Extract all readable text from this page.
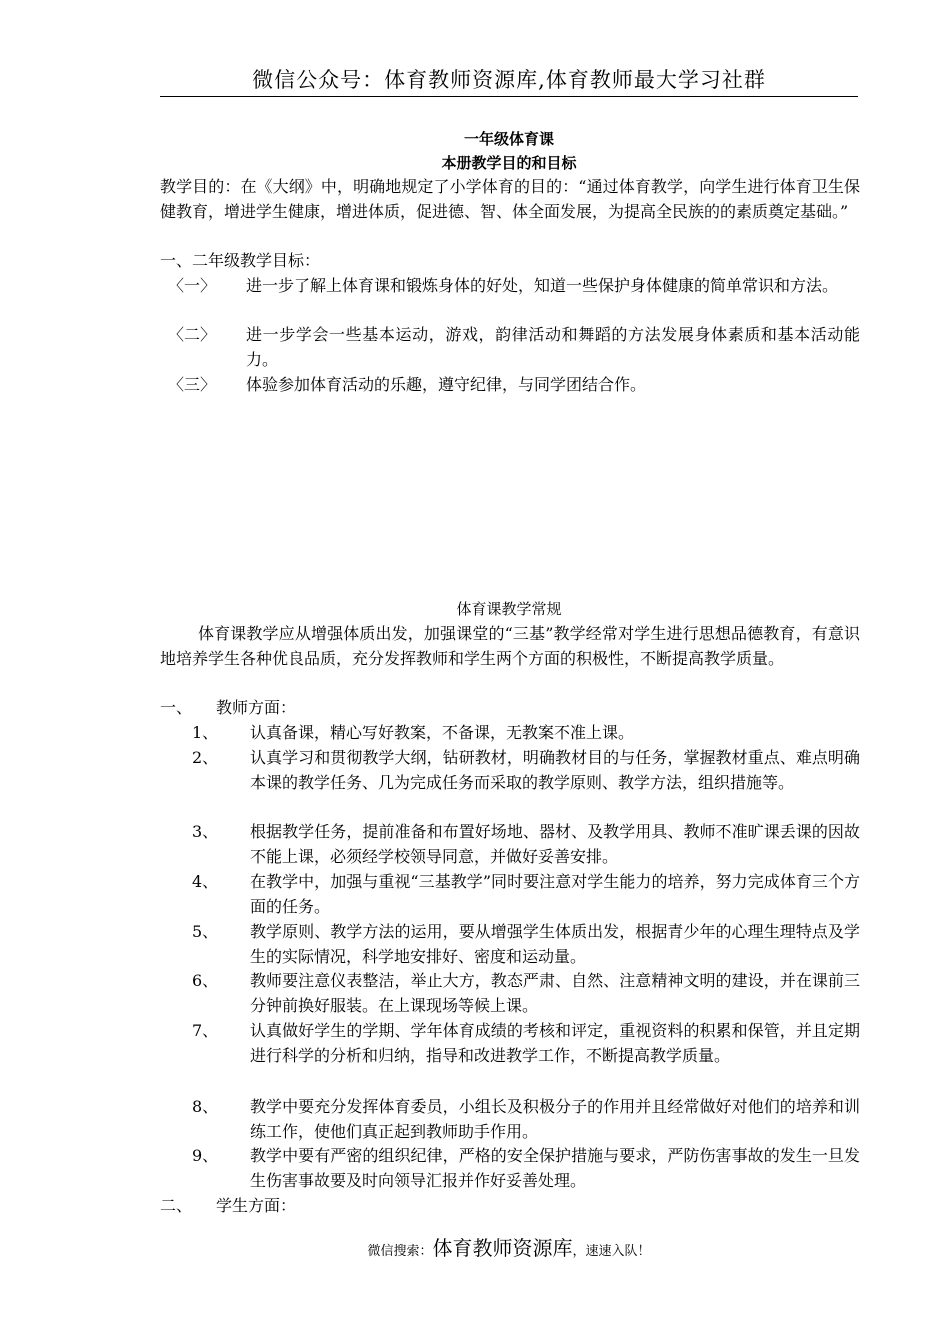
微信公众号：体育教师资源库,体育教师最大学习社群
一年级体育课
本册教学目的和目标
教学目的：在《大纲》中，明确地规定了小学体育的目的：“通过体育教学，向学生进行体育卫生保健教育，增进学生健康，增进体质，促进德、智、体全面发展，为提高全民族的的素质奠定基础。”
一、二年级教学目标：
〈一〉 进一步了解上体育课和锻炼身体的好处，知道一些保护身体健康的简单常识和方法。
〈二〉 进一步学会一些基本运动，游戏，韵律活动和舞蹈的方法发展身体素质和基本活动能力。
〈三〉 体验参加体育活动的乐趣，遵守纪律，与同学团结合作。
体育课教学常规
体育课教学应从增强体质出发，加强课堂的“三基”教学经常对学生进行思想品德教育，有意识地培养学生各种优良品质，充分发挥教师和学生两个方面的积极性，不断提高教学质量。
一、 教师方面：
1、 认真备课，精心写好教案，不备课，无教案不准上课。
2、 认真学习和贯彻教学大纲，钻研教材，明确教材目的与任务，掌握教材重点、难点明确本课的教学任务、几为完成任务而采取的教学原则、教学方法，组织措施等。
3、 根据教学任务，提前准备和布置好场地、器材、及教学用具、教师不准旷课丢课的因故不能上课，必须经学校领导同意，并做好妥善安排。
4、 在教学中，加强与重视“三基教学”同时要注意对学生能力的培养，努力完成体育三个方面的任务。
5、 教学原则、教学方法的运用，要从增强学生体质出发，根据青少年的心理生理特点及学生的实际情况，科学地安排好、密度和运动量。
6、 教师要注意仪表整洁，举止大方，教态严肃、自然、注意精神文明的建设，并在课前三分钟前换好服装。在上课现场等候上课。
7、 认真做好学生的学期、学年体育成绩的考核和评定，重视资料的积累和保管，并且定期进行科学的分析和归纳，指导和改进教学工作，不断提高教学质量。
8、 教学中要充分发挥体育委员，小组长及积极分子的作用并且经常做好对他们的培养和训练工作，使他们真正起到教师助手作用。
9、 教学中要有严密的组织纪律，严格的安全保护措施与要求，严防伤害事故的发生一旦发生伤害事故要及时向领导汇报并作好妥善处理。
二、 学生方面：
微信搜索：体育教师资源库，速速入队！
